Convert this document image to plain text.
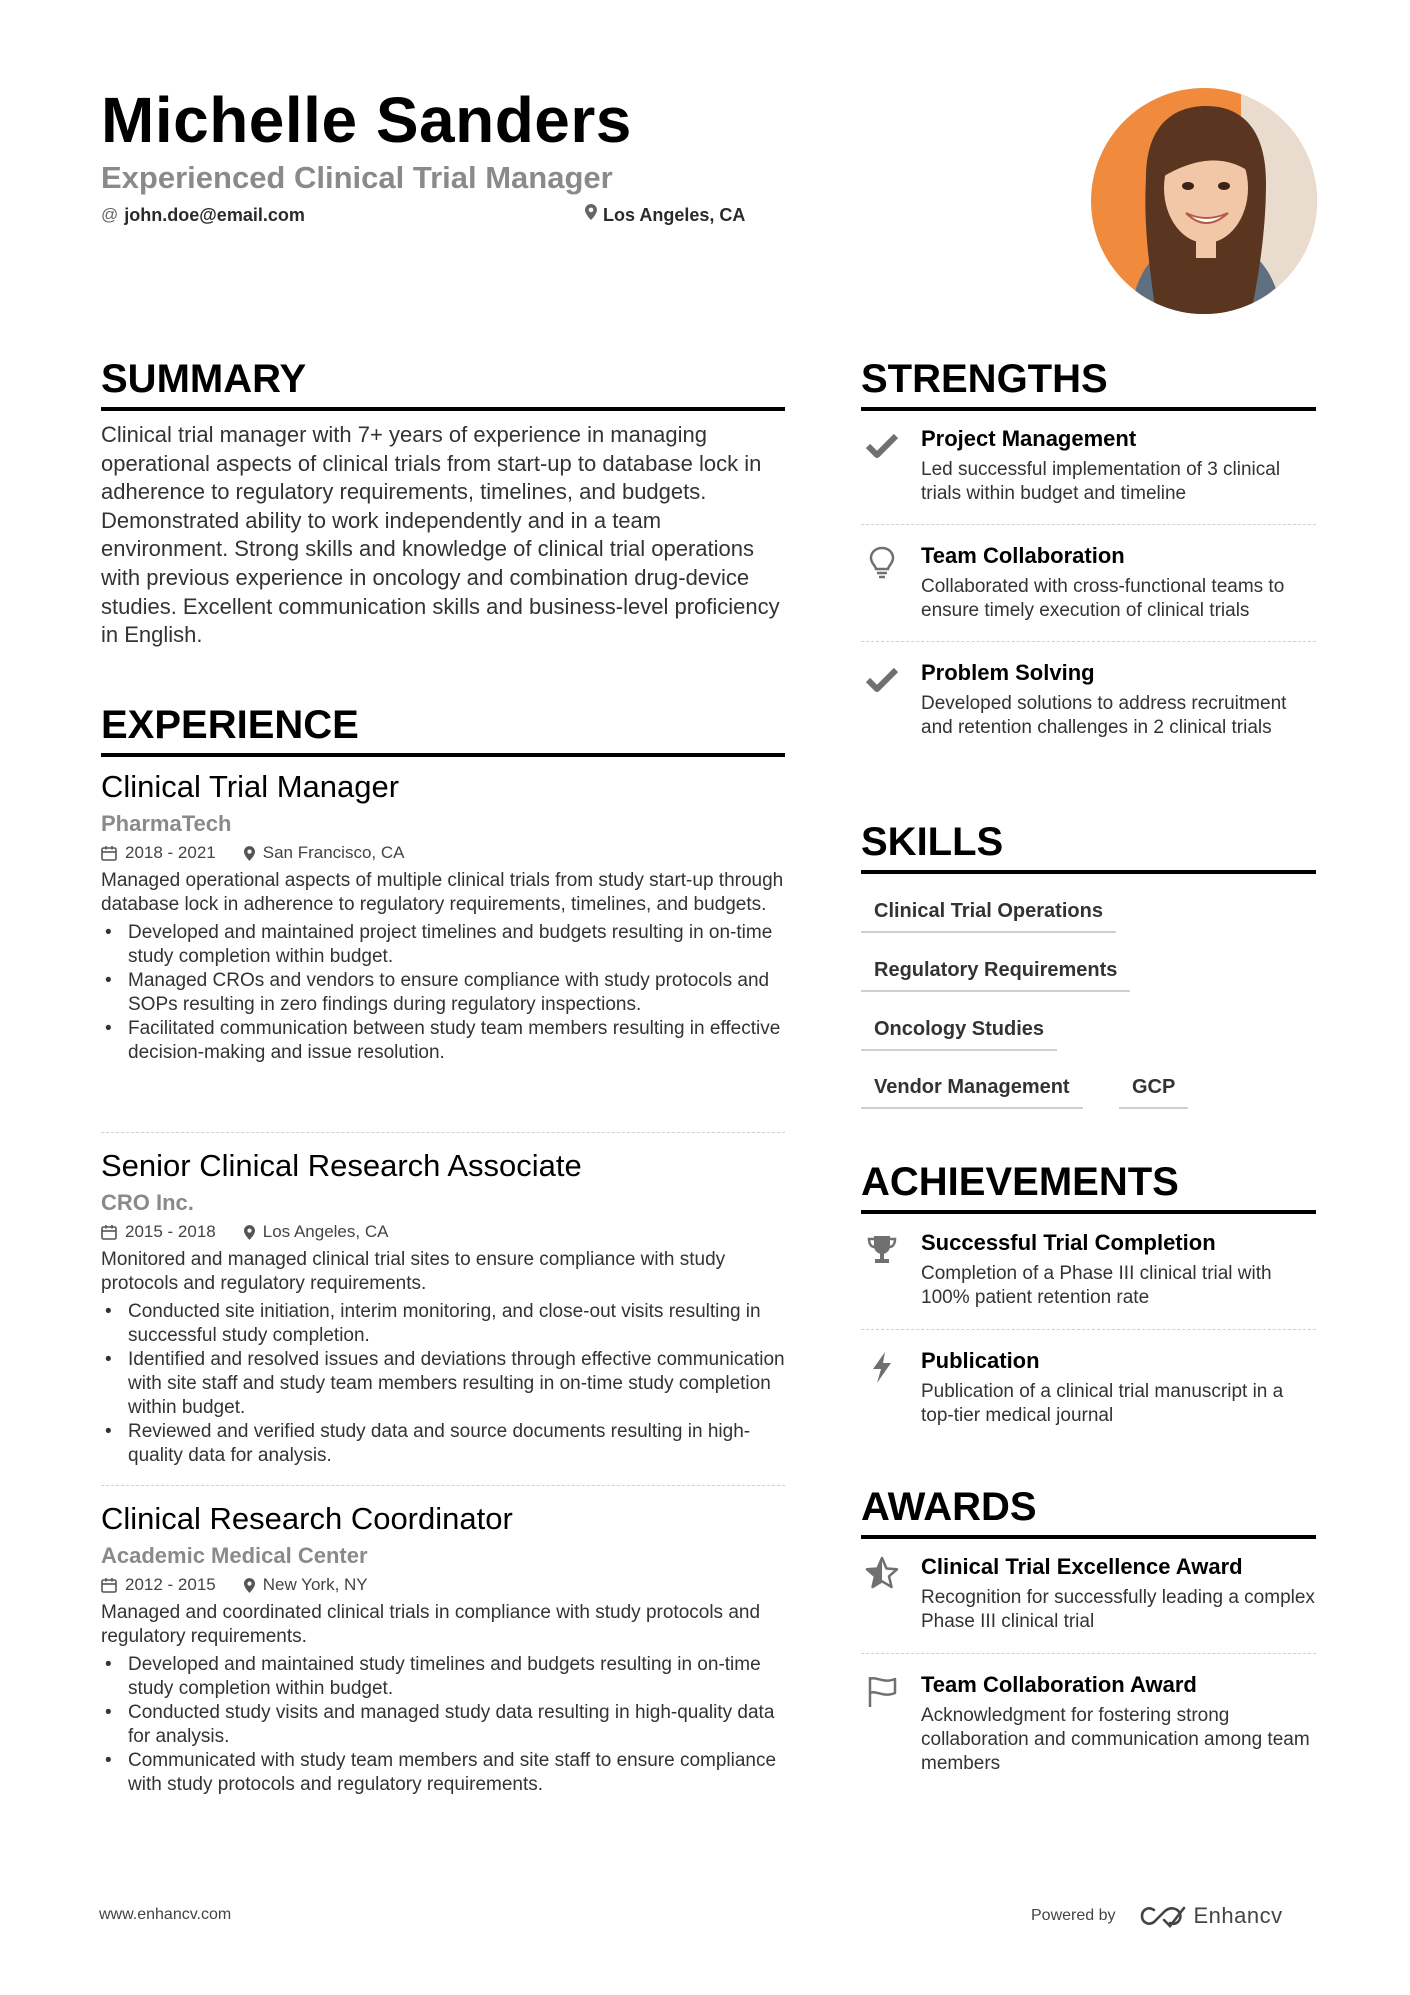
Michelle Sanders
Experienced Clinical Trial Manager
@ john.doe@email.com	Los Angeles, CA
SUMMARY
Clinical trial manager with 7+ years of experience in managing operational aspects of clinical trials from start-up to database lock in adherence to regulatory requirements, timelines, and budgets. Demonstrated ability to work independently and in a team environment. Strong skills and knowledge of clinical trial operations with previous experience in oncology and combination drug-device studies. Excellent communication skills and business-level proficiency in English.
EXPERIENCE
Clinical Trial Manager
PharmaTech
2018 - 2021	San Francisco, CA
Managed operational aspects of multiple clinical trials from study start-up through database lock in adherence to regulatory requirements, timelines, and budgets.
• Developed and maintained project timelines and budgets resulting in on-time study completion within budget.
• Managed CROs and vendors to ensure compliance with study protocols and SOPs resulting in zero findings during regulatory inspections.
• Facilitated communication between study team members resulting in effective decision-making and issue resolution.
Senior Clinical Research Associate
CRO Inc.
2015 - 2018	Los Angeles, CA
Monitored and managed clinical trial sites to ensure compliance with study protocols and regulatory requirements.
• Conducted site initiation, interim monitoring, and close-out visits resulting in successful study completion.
• Identified and resolved issues and deviations through effective communication with site staff and study team members resulting in on-time study completion within budget.
• Reviewed and verified study data and source documents resulting in high-quality data for analysis.
Clinical Research Coordinator
Academic Medical Center
2012 - 2015	New York, NY
Managed and coordinated clinical trials in compliance with study protocols and regulatory requirements.
• Developed and maintained study timelines and budgets resulting in on-time study completion within budget.
• Conducted study visits and managed study data resulting in high-quality data for analysis.
• Communicated with study team members and site staff to ensure compliance with study protocols and regulatory requirements.
STRENGTHS
Project Management
Led successful implementation of 3 clinical trials within budget and timeline
Team Collaboration
Collaborated with cross-functional teams to ensure timely execution of clinical trials
Problem Solving
Developed solutions to address recruitment and retention challenges in 2 clinical trials
SKILLS
Clinical Trial Operations
Regulatory Requirements
Oncology Studies
Vendor Management	GCP
ACHIEVEMENTS
Successful Trial Completion
Completion of a Phase III clinical trial with 100% patient retention rate
Publication
Publication of a clinical trial manuscript in a top-tier medical journal
AWARDS
Clinical Trial Excellence Award
Recognition for successfully leading a complex Phase III clinical trial
Team Collaboration Award
Acknowledgment for fostering strong collaboration and communication among team members
www.enhancv.com	Powered by	Enhancv
